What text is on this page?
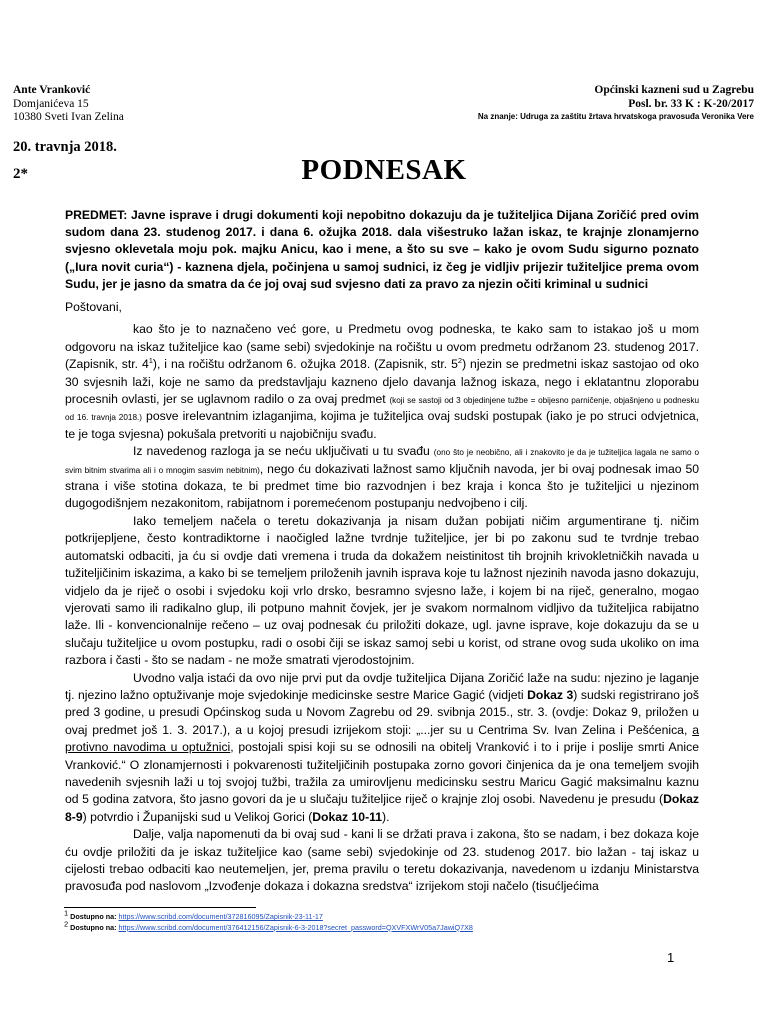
Ante Vranković
Domjanićeva 15
10380 Sveti Ivan Zelina
Općinski kazneni sud u Zagrebu
Posl. br. 33 K : K-20/2017
Na znanje: Udruga za zaštitu žrtava hrvatskoga pravosuđa Veronika Vere
20. travnja 2018.
2*	PODNESAK
PREDMET: Javne isprave i drugi dokumenti koji nepobitno dokazuju da je tužiteljica Dijana Zoričić pred ovim sudom dana 23. studenog 2017. i dana 6. ožujka 2018. dala višestruko lažan iskaz, te krajnje zlonamjerno svjesno oklevetala moju pok. majku Anicu, kao i mene, a što su sve – kako je ovom Sudu sigurno poznato („Iura novit curia“) - kaznena djela, počinjena u samoj sudnici, iz čeg je vidljiv prijezir tužiteljice prema ovom Sudu, jer je jasno da smatra da će joj ovaj sud svjesno dati za pravo za njezin očiti kriminal u sudnici

Poštovani,

kao što je to naznačeno već gore, u Predmetu ovog podneska, te kako sam to istakao još u mom odgovoru na iskaz tužiteljice kao (same sebi) svjedokinje na ročištu u ovom predmetu održanom 23. studenog 2017. (Zapisnik, str. $4^1$), i na ročištu održanom 6. ožujka 2018. (Zapisnik, str. $5^2$) njezin se predmetni iskaz sastojao od oko 30 svjesnih laži, koje ne samo da predstavljaju kazneno djelo davanja lažnog iskaza, nego i eklatantnu zloporabu procesnih ovlasti, jer se uglavnom radilo o za ovaj predmet (koji se sastoji od 3 objedinjene tužbe = obijesno parničenje, objašnjeno u podnesku od 16. travnja 2018.) posve irelevantnim izlaganjima, kojima je tužiteljica ovaj sudski postupak (iako je po struci odvjetnica, te je toga svjesna) pokušala pretvoriti u najobičniju svađu.

Iz navedenog razloga ja se neću uključivati u tu svađu (ono što je neobično, ali i znakovito je da je tužiteljica lagala ne samo o svim bitnim stvarima ali i o mnogim sasvim nebitnim), nego ću dokazivati lažnost samo ključnih navoda, jer bi ovaj podnesak imao 50 strana i više stotina dokaza, te bi predmet time bio razvodnjen i bez kraja i konca što je tužiteljici u njezinom dugogodišnjem nezakonitom, rabijatnom i poremećenom postupanju nedvojbeno i cilj.

Iako temeljem načela o teretu dokazivanja ja nisam dužan pobijati ničim argumentirane tj. ničim potkrijepljene, često kontradiktorne i naočigled lažne tvrdnje tužiteljice, jer bi po zakonu sud te tvrdnje trebao automatski odbaciti, ja ću si ovdje dati vremena i truda da dokažem neistinitost tih brojnih krivokletničkih navada u tužiteljičinim iskazima, a kako bi se temeljem priloženih javnih isprava koje tu lažnost njezinih navoda jasno dokazuju, vidjelo da je riječ o osobi i svjedoku koji vrlo drsko, besramno svjesno laže, i kojem bi na riječ, generalno, mogao vjerovati samo ili radikalno glup, ili potpuno mahnit čovjek, jer je svakom normalnom vidljivo da tužiteljica rabijatno laže. Ili - konvencionalnije rečeno – uz ovaj podnesak ću priložiti dokaze, ugl. javne isprave, koje dokazuju da se u slučaju tužiteljice u ovom postupku, radi o osobi čiji se iskaz samoj sebi u korist, od strane ovog suda ukoliko on ima razbora i časti - što se nadam - ne može smatrati vjerodostojnim.

Uvodno valja istaći da ovo nije prvi put da ovdje tužiteljica Dijana Zoričić laže na sudu: njezino je laganje tj. njezino lažno optuživanje moje svjedokinje medicinske sestre Marice Gagić (vidjeti Dokaz 3) sudski registrirano još pred 3 godine, u presudi Općinskog suda u Novom Zagrebu od 29. svibnja 2015., str. 3. (ovdje: Dokaz 9, priložen u ovaj predmet još 1. 3. 2017.), a u kojoj presudi izrijekom stoji: „...jer su u Centrima Sv. Ivan Zelina i Pešćenica, a protivno navodima u optužnici, postojali spisi koji su se odnosili na obitelj Vranković i to i prije i poslije smrti Anice Vranković.“ O zlonamjernosti i pokvarenosti tužiteljičinih postupaka zorno govori činjenica da je ona temeljem svojih navedenih svjesnih laži u toj svojoj tužbi, tražila za umirovljenu medicinsku sestru Maricu Gagić maksimalnu kaznu od 5 godina zatvora, što jasno govori da je u slučaju tužiteljice riječ o krajnje zloj osobi. Navedenu je presudu (Dokaz 8-9) potvrdio i Županijski sud u Velikoj Gorici (Dokaz 10-11).

Dalje, valja napomenuti da bi ovaj sud - kani li se držati prava i zakona, što se nadam, i bez dokaza koje ću ovdje priložiti da je iskaz tužiteljice kao (same sebi) svjedokinje od 23. studenog 2017. bio lažan - taj iskaz u cijelosti trebao odbaciti kao neutemeljen, jer, prema pravilu o teretu dokazivanja, navedenom u izdanju Ministarstva pravosuđa pod naslovom „Izvođenje dokaza i dokazna sredstva“ izrijekom stoji načelo (tisućljećima

$^1$ Dostupno na: https://www.scribd.com/document/372816095/Zapisnik-23-11-17
$^2$ Dostupno na: https://www.scribd.com/document/376412156/Zapisnik-6-3-2018?secret_password=QXVFXWrV05a7JawiQ7X8
1
